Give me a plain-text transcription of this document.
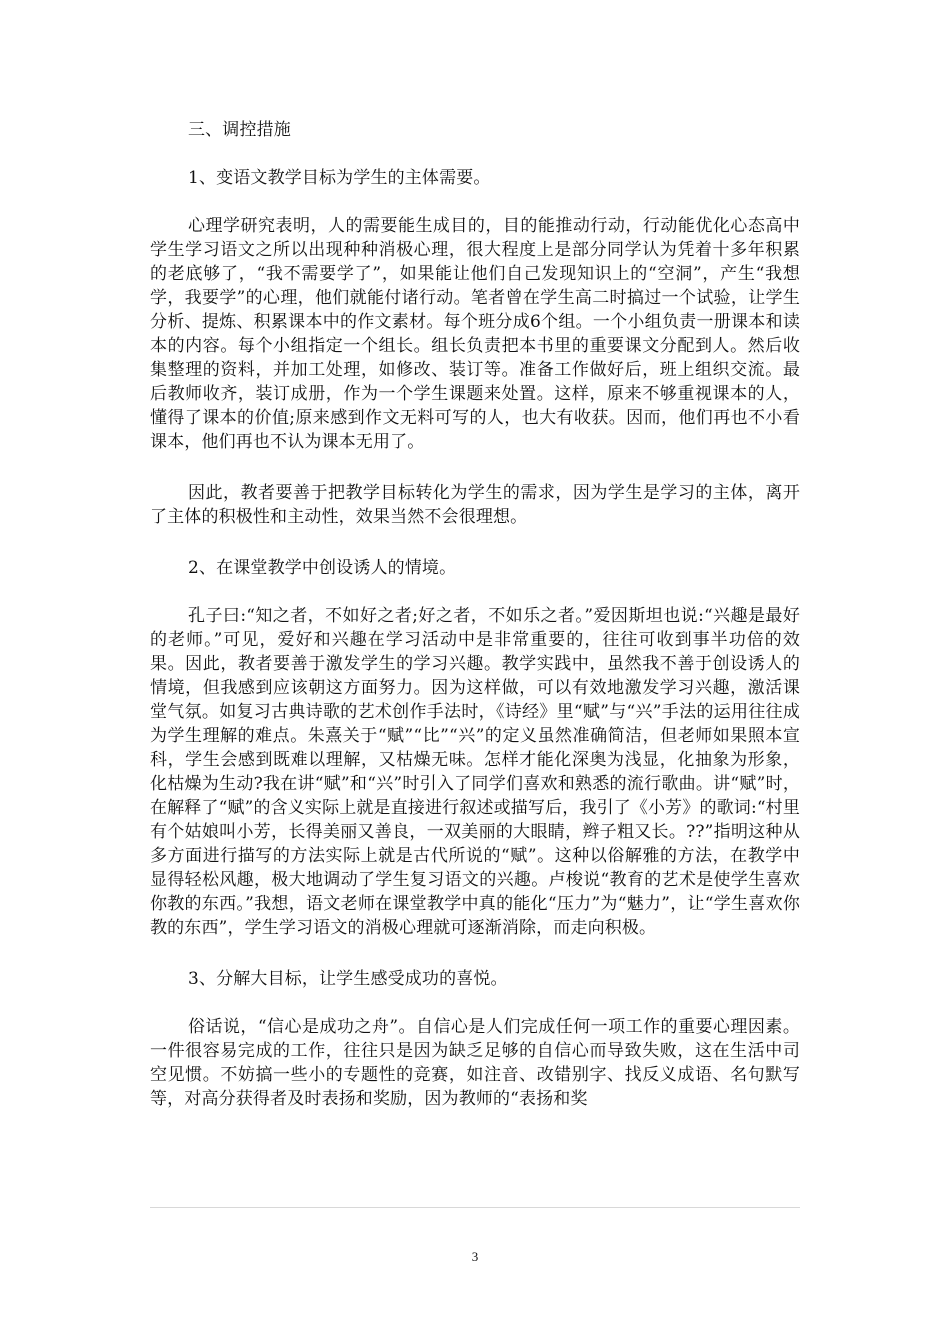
三、调控措施

1、变语文教学目标为学生的主体需要。

心理学研究表明，人的需要能生成目的，目的能推动行动，行动能优化心态高中学生学习语文之所以出现种种消极心理，很大程度上是部分同学认为凭着十多年积累的老底够了，“我不需要学了”，如果能让他们自己发现知识上的“空洞”，产生“我想学，我要学”的心理，他们就能付诸行动。笔者曾在学生高二时搞过一个试验，让学生分析、提炼、积累课本中的作文素材。每个班分成6个组。一个小组负责一册课本和读本的内容。每个小组指定一个组长。组长负责把本书里的重要课文分配到人。然后收集整理的资料，并加工处理，如修改、装订等。准备工作做好后，班上组织交流。最后教师收齐，装订成册，作为一个学生课题来处置。这样，原来不够重视课本的人，懂得了课本的价值;原来感到作文无料可写的人，也大有收获。因而，他们再也不小看课本，他们再也不认为课本无用了。

因此，教者要善于把教学目标转化为学生的需求，因为学生是学习的主体，离开了主体的积极性和主动性，效果当然不会很理想。

2、在课堂教学中创设诱人的情境。

孔子曰:“知之者，不如好之者;好之者，不如乐之者。”爱因斯坦也说:“兴趣是最好的老师。”可见，爱好和兴趣在学习活动中是非常重要的，往往可收到事半功倍的效果。因此，教者要善于激发学生的学习兴趣。教学实践中，虽然我不善于创设诱人的情境，但我感到应该朝这方面努力。因为这样做，可以有效地激发学习兴趣，激活课堂气氛。如复习古典诗歌的艺术创作手法时，《诗经》里“赋”与“兴”手法的运用往往成为学生理解的难点。朱熹关于“赋”“比”“兴”的定义虽然准确简洁，但老师如果照本宣科，学生会感到既难以理解，又枯燥无味。怎样才能化深奥为浅显，化抽象为形象，化枯燥为生动?我在讲“赋”和“兴”时引入了同学们喜欢和熟悉的流行歌曲。讲“赋”时，在解释了“赋”的含义实际上就是直接进行叙述或描写后，我引了《小芳》的歌词:“村里有个姑娘叫小芳，长得美丽又善良，一双美丽的大眼睛，辫子粗又长。??”指明这种从多方面进行描写的方法实际上就是古代所说的“赋”。这种以俗解雅的方法，在教学中显得轻松风趣，极大地调动了学生复习语文的兴趣。卢梭说“教育的艺术是使学生喜欢你教的东西。”我想，语文老师在课堂教学中真的能化“压力”为“魅力”，让“学生喜欢你教的东西”，学生学习语文的消极心理就可逐渐消除，而走向积极。

3、分解大目标，让学生感受成功的喜悦。

俗话说，“信心是成功之舟”。自信心是人们完成任何一项工作的重要心理因素。一件很容易完成的工作，往往只是因为缺乏足够的自信心而导致失败，这在生活中司空见惯。不妨搞一些小的专题性的竞赛，如注音、改错别字、找反义成语、名句默写等，对高分获得者及时表扬和奖励，因为教师的“表扬和奖

3
